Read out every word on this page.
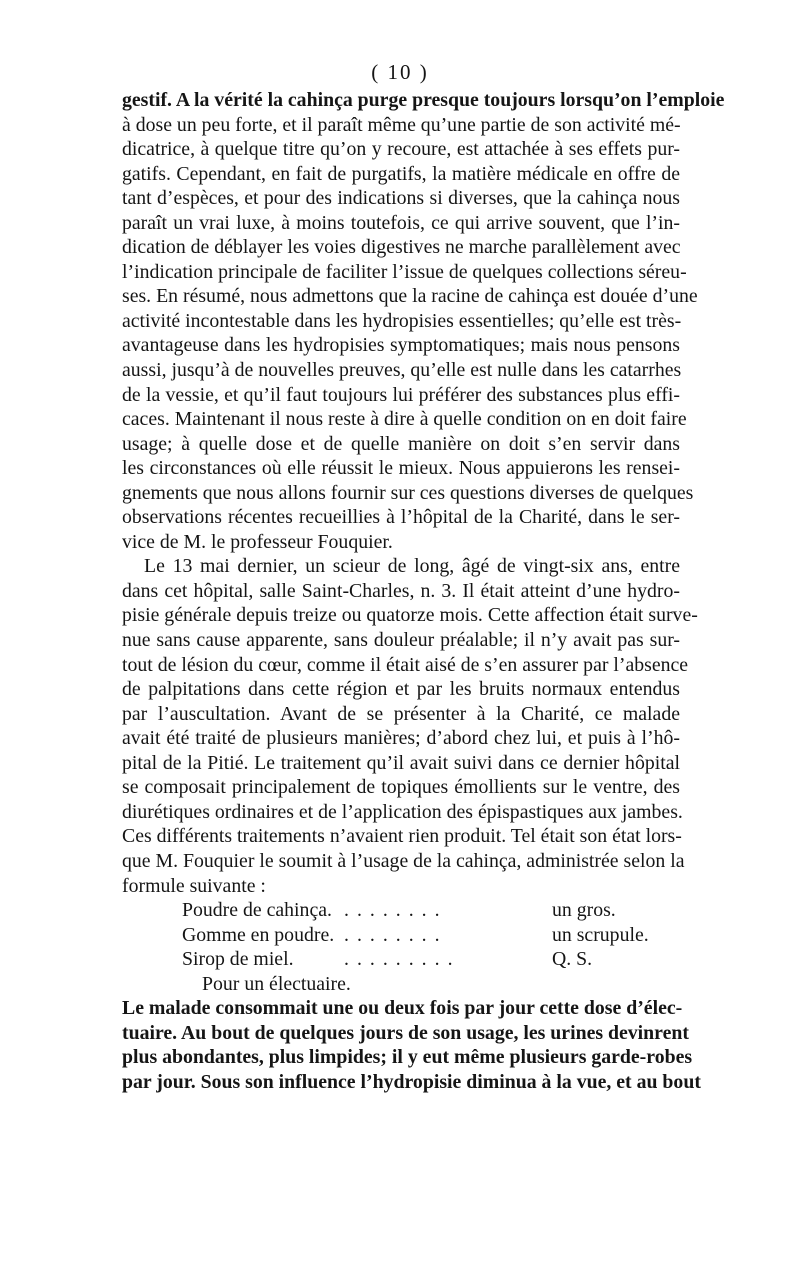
( 10 )
gestif. A la vérité la cahinça purge presque toujours lorsqu’on l’emploie
à dose un peu forte, et il paraît même qu’une partie de son activité mé-
dicatrice, à quelque titre qu’on y recoure, est attachée à ses effets pur-
gatifs. Cependant, en fait de purgatifs, la matière médicale en offre de
tant d’espèces, et pour des indications si diverses, que la cahinça nous
paraît un vrai luxe, à moins toutefois, ce qui arrive souvent, que l’in-
dication de déblayer les voies digestives ne marche parallèlement avec
l’indication principale de faciliter l’issue de quelques collections séreu-
ses. En résumé, nous admettons que la racine de cahinça est douée d’une
activité incontestable dans les hydropisies essentielles; qu’elle est très-
avantageuse dans les hydropisies symptomatiques; mais nous pensons
aussi, jusqu’à de nouvelles preuves, qu’elle est nulle dans les catarrhes
de la vessie, et qu’il faut toujours lui préférer des substances plus effi-
caces. Maintenant il nous reste à dire à quelle condition on en doit faire
usage; à quelle dose et de quelle manière on doit s’en servir dans
les circonstances où elle réussit le mieux. Nous appuierons les rensei-
gnements que nous allons fournir sur ces questions diverses de quelques
observations récentes recueillies à l’hôpital de la Charité, dans le ser-
vice de M. le professeur Fouquier.
Le 13 mai dernier, un scieur de long, âgé de vingt-six ans, entre
dans cet hôpital, salle Saint-Charles, n. 3. Il était atteint d’une hydro-
pisie générale depuis treize ou quatorze mois. Cette affection était surve-
nue sans cause apparente, sans douleur préalable; il n’y avait pas sur-
tout de lésion du cœur, comme il était aisé de s’en assurer par l’absence
de palpitations dans cette région et par les bruits normaux entendus
par l’auscultation. Avant de se présenter à la Charité, ce malade
avait été traité de plusieurs manières; d’abord chez lui, et puis à l’hô-
pital de la Pitié. Le traitement qu’il avait suivi dans ce dernier hôpital
se composait principalement de topiques émollients sur le ventre, des
diurétiques ordinaires et de l’application des épispastiques aux jambes.
Ces différents traitements n’avaient rien produit. Tel était son état lors-
que M. Fouquier le soumit à l’usage de la cahinça, administrée selon la
formule suivante :
Poudre de cahinça. ........	un gros.
Gomme en poudre. ........	un scrupule.
Sirop de miel.	.........	Q. S.
Pour un électuaire.
Le malade consommait une ou deux fois par jour cette dose d’élec-
tuaire. Au bout de quelques jours de son usage, les urines devinrent
plus abondantes, plus limpides; il y eut même plusieurs garde-robes
par jour. Sous son influence l’hydropisie diminua à la vue, et au bout
